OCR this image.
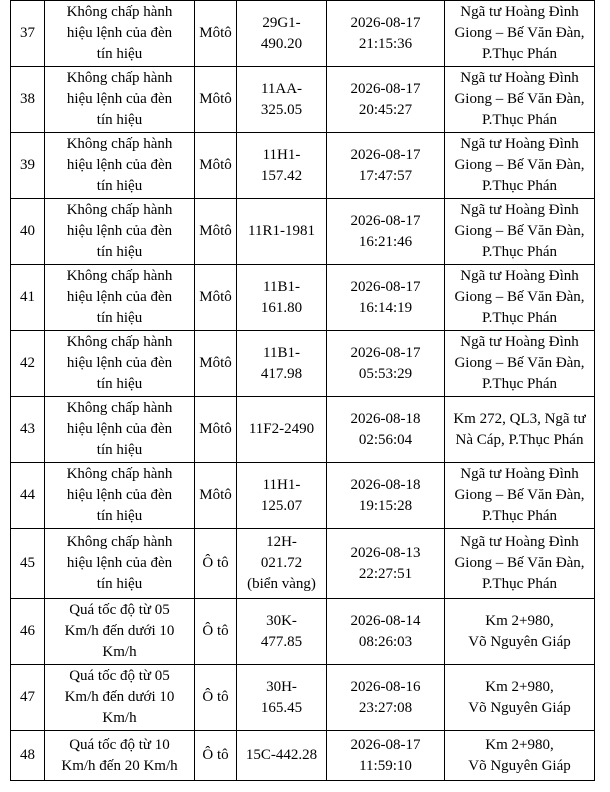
37	Không chấp hành
hiệu lệnh của đèn
tín hiệu	Môtô	29G1-
490.20	2026-08-17
21:15:36	Ngã tư Hoàng Đình
Giong – Bế Văn Đàn,
P.Thục Phán
38	Không chấp hành
hiệu lệnh của đèn
tín hiệu	Môtô	11AA-
325.05	2026-08-17
20:45:27	Ngã tư Hoàng Đình
Giong – Bế Văn Đàn,
P.Thục Phán
39	Không chấp hành
hiệu lệnh của đèn
tín hiệu	Môtô	11H1-
157.42	2026-08-17
17:47:57	Ngã tư Hoàng Đình
Giong – Bế Văn Đàn,
P.Thục Phán
40	Không chấp hành
hiệu lệnh của đèn
tín hiệu	Môtô	11R1-1981	2026-08-17
16:21:46	Ngã tư Hoàng Đình
Giong – Bế Văn Đàn,
P.Thục Phán
41	Không chấp hành
hiệu lệnh của đèn
tín hiệu	Môtô	11B1-
161.80	2026-08-17
16:14:19	Ngã tư Hoàng Đình
Giong – Bế Văn Đàn,
P.Thục Phán
42	Không chấp hành
hiệu lệnh của đèn
tín hiệu	Môtô	11B1-
417.98	2026-08-17
05:53:29	Ngã tư Hoàng Đình
Giong – Bế Văn Đàn,
P.Thục Phán
43	Không chấp hành
hiệu lệnh của đèn
tín hiệu	Môtô	11F2-2490	2026-08-18
02:56:04	Km 272, QL3, Ngã tư
Nà Cáp, P.Thục Phán
44	Không chấp hành
hiệu lệnh của đèn
tín hiệu	Môtô	11H1-
125.07	2026-08-18
19:15:28	Ngã tư Hoàng Đình
Giong – Bế Văn Đàn,
P.Thục Phán
45	Không chấp hành
hiệu lệnh của đèn
tín hiệu	Ô tô	12H-
021.72
(biển vàng)	2026-08-13
22:27:51	Ngã tư Hoàng Đình
Giong – Bế Văn Đàn,
P.Thục Phán
46	Quá tốc độ từ 05
Km/h đến dưới 10
Km/h	Ô tô	30K-
477.85	2026-08-14
08:26:03	Km 2+980,
Võ Nguyên Giáp
47	Quá tốc độ từ 05
Km/h đến dưới 10
Km/h	Ô tô	30H-
165.45	2026-08-16
23:27:08	Km 2+980,
Võ Nguyên Giáp
48	Quá tốc độ từ 10
Km/h đến 20 Km/h	Ô tô	15C-442.28	2026-08-17
11:59:10	Km 2+980,
Võ Nguyên Giáp
